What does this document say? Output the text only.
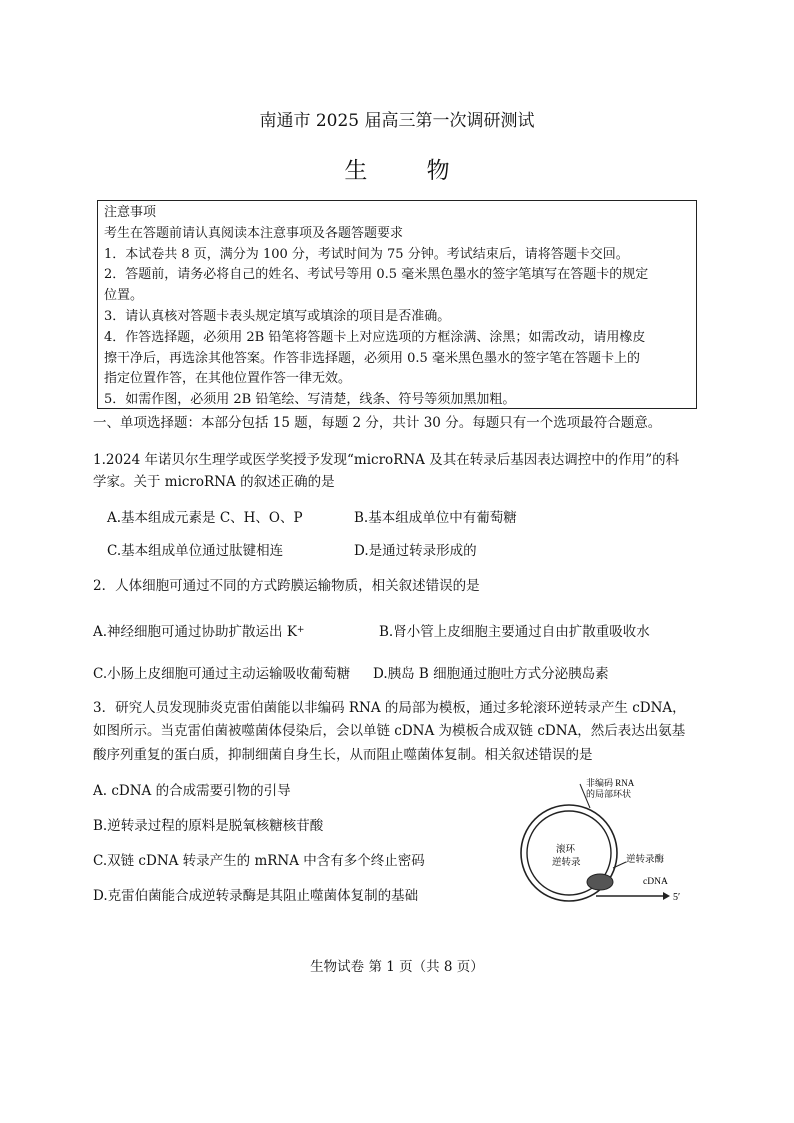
南通市 2025 届高三第一次调研测试
生 物
注意事项
考生在答题前请认真阅读本注意事项及各题答题要求
1．本试卷共 8 页，满分为 100 分，考试时间为 75 分钟。考试结束后，请将答题卡交回。
2．答题前，请务必将自己的姓名、考试号等用 0.5 毫米黑色墨水的签字笔填写在答题卡的规定
位置。
3．请认真核对答题卡表头规定填写或填涂的项目是否准确。
4．作答选择题，必须用 2B 铅笔将答题卡上对应选项的方框涂满、涂黑；如需改动，请用橡皮
擦干净后，再选涂其他答案。作答非选择题，必须用 0.5 毫米黑色墨水的签字笔在答题卡上的
指定位置作答，在其他位置作答一律无效。
5．如需作图，必须用 2B 铅笔绘、写清楚，线条、符号等须加黑加粗。
一、单项选择题：本部分包括 15 题，每题 2 分，共计 30 分。每题只有一个选项最符合题意。
1.2024 年诺贝尔生理学或医学奖授予发现“microRNA 及其在转录后基因表达调控中的作用”的科
学家。关于 microRNA 的叙述正确的是
A.基本组成元素是 C、H、O、P	B.基本组成单位中有葡萄糖
C.基本组成单位通过肽键相连	D.是通过转录形成的
2．人体细胞可通过不同的方式跨膜运输物质，相关叙述错误的是
A.神经细胞可通过协助扩散运出 K+	B.肾小管上皮细胞主要通过自由扩散重吸收水
C.小肠上皮细胞可通过主动运输吸收葡萄糖 D.胰岛 B 细胞通过胞吐方式分泌胰岛素
3．研究人员发现肺炎克雷伯菌能以非编码 RNA 的局部为模板，通过多轮滚环逆转录产生 cDNA，
如图所示。当克雷伯菌被噬菌体侵染后，会以单链 cDNA 为模板合成双链 cDNA，然后表达出氨基
酸序列重复的蛋白质，抑制细菌自身生长，从而阻止噬菌体复制。相关叙述错误的是
A. cDNA 的合成需要引物的引导
B.逆转录过程的原料是脱氧核糖核苷酸
C.双链 cDNA 转录产生的 mRNA 中含有多个终止密码
D.克雷伯菌能合成逆转录酶是其阻止噬菌体复制的基础
非编码 RNA
的局部环状
滚环
逆转录	逆转录酶
cDNA
5′
生物试卷 第 1 页（共 8 页）
